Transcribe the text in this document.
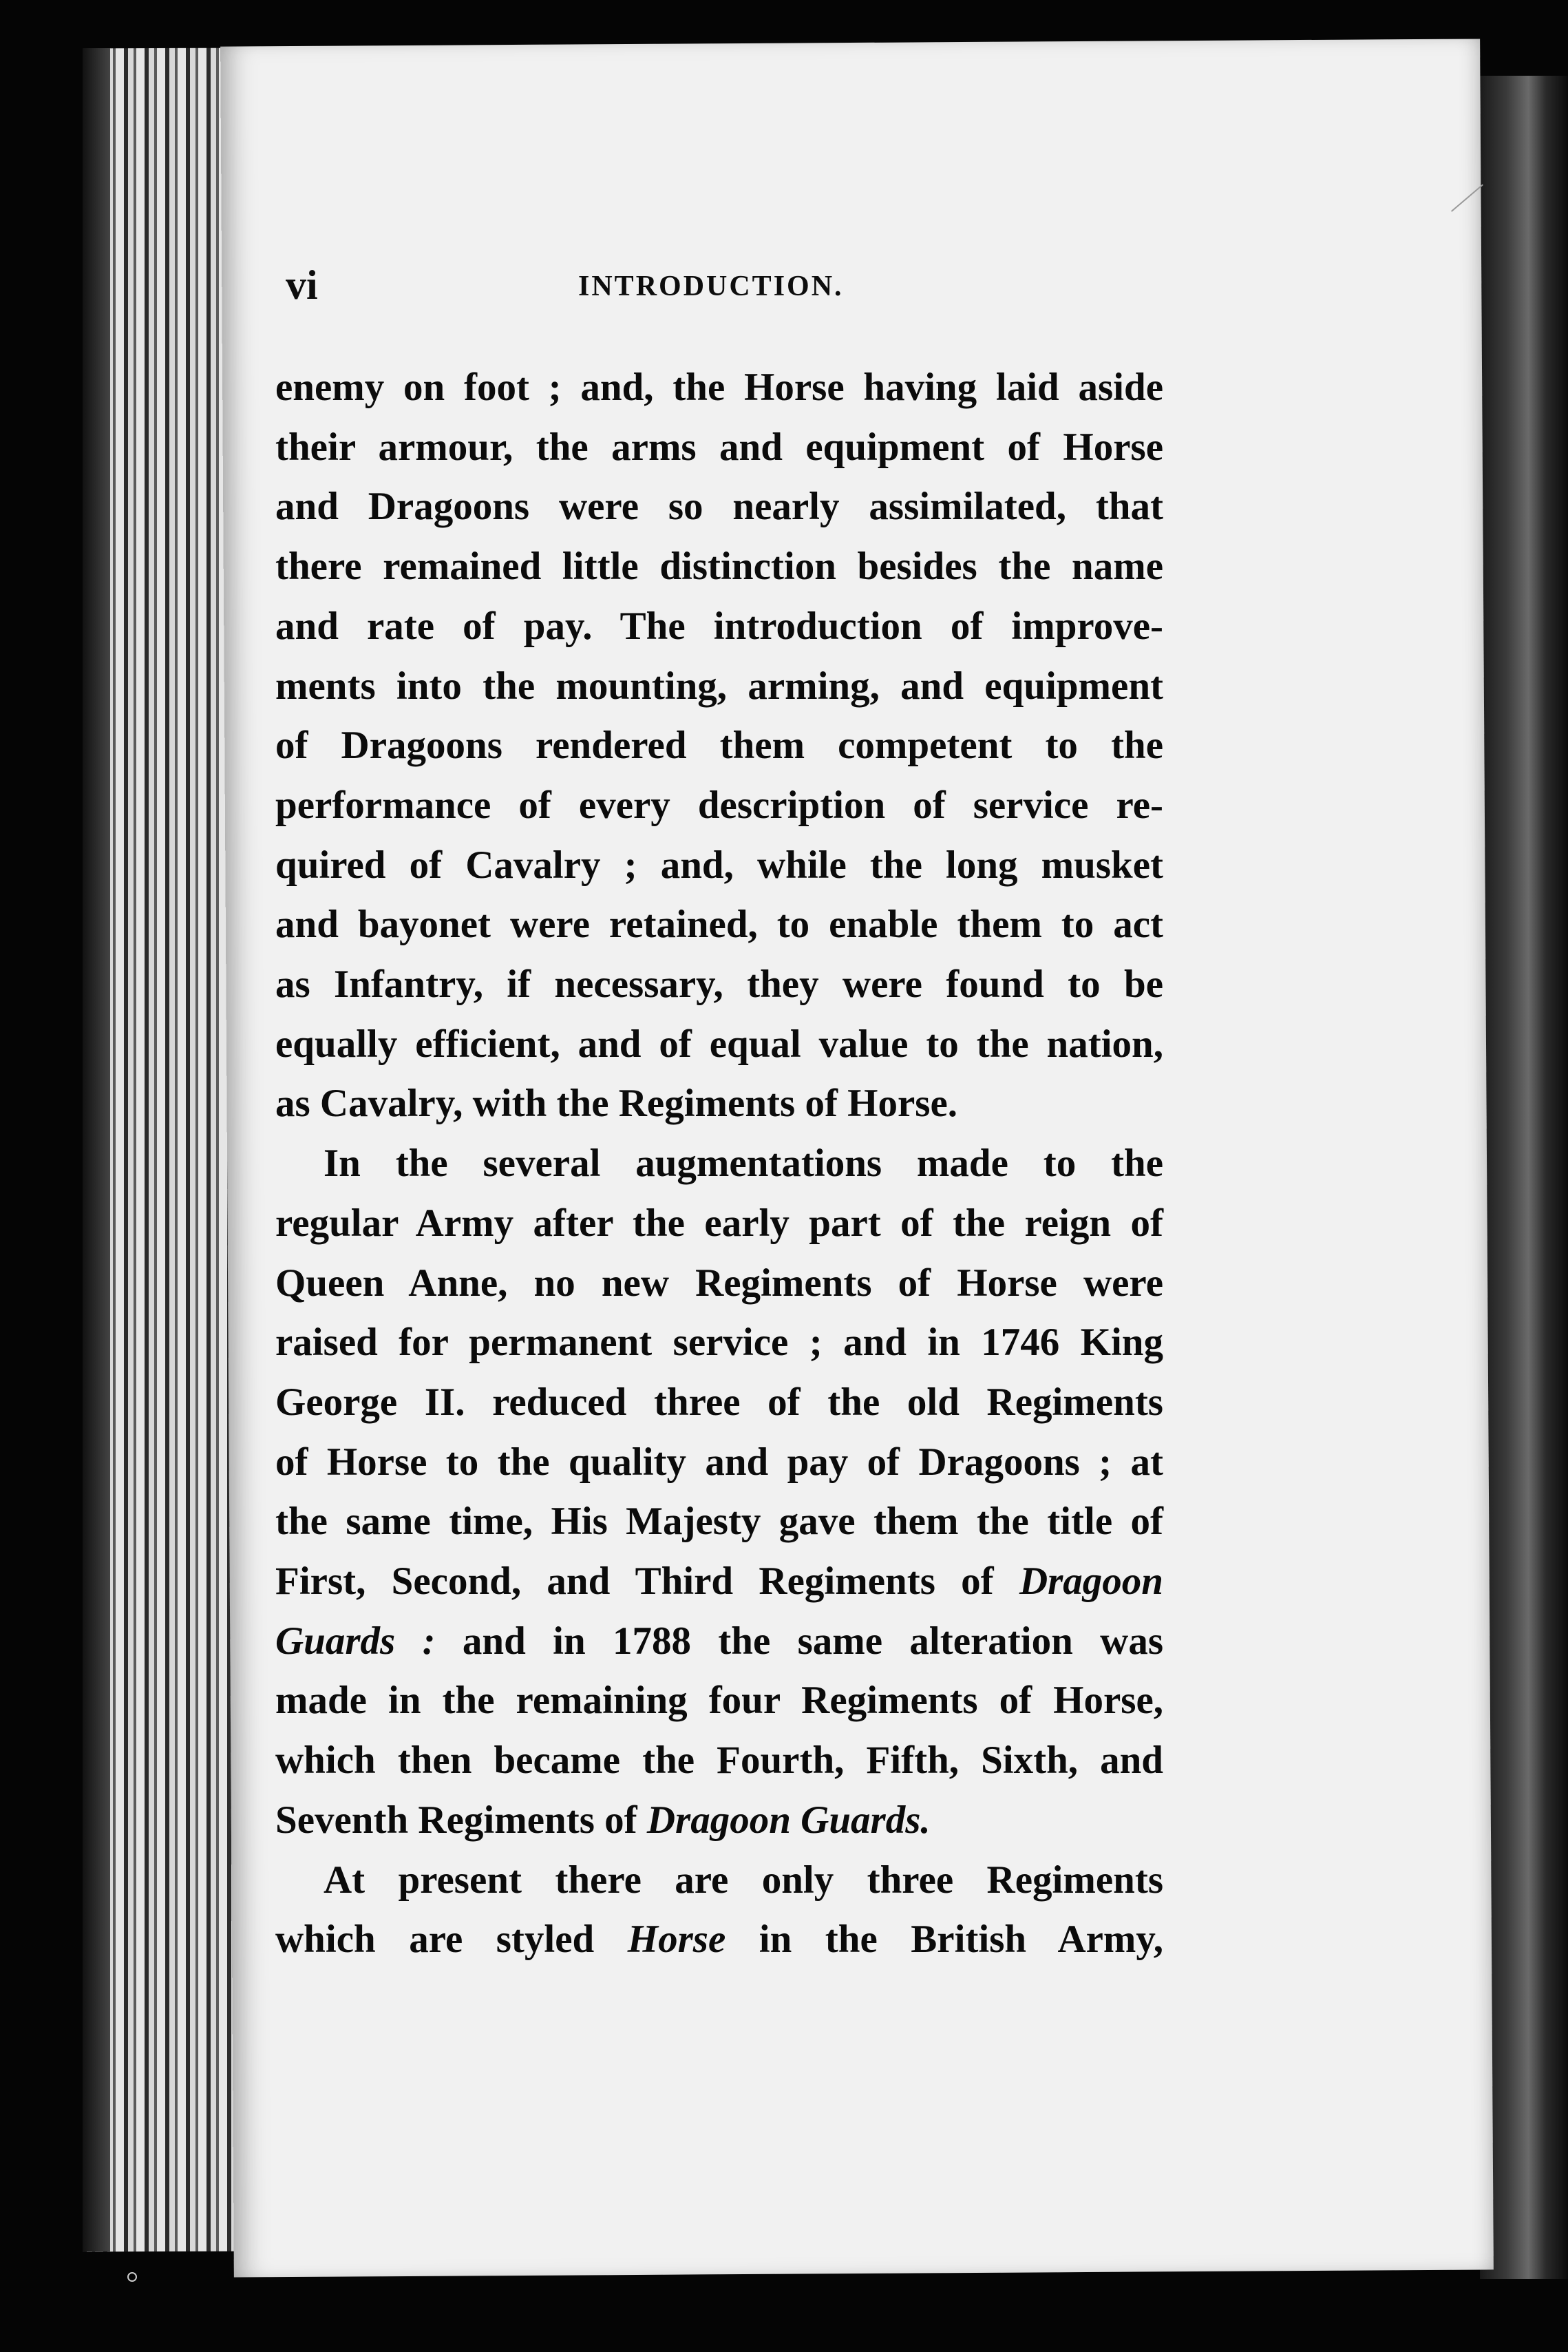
vi	INTRODUCTION.

enemy on foot ; and, the Horse having laid aside
their armour, the arms and equipment of Horse
and Dragoons were so nearly assimilated, that
there remained little distinction besides the name
and rate of pay. The introduction of improve-
ments into the mounting, arming, and equipment
of Dragoons rendered them competent to the
performance of every description of service re-
quired of Cavalry ; and, while the long musket
and bayonet were retained, to enable them to act
as Infantry, if necessary, they were found to be
equally efficient, and of equal value to the nation,
as Cavalry, with the Regiments of Horse.

In the several augmentations made to the
regular Army after the early part of the reign of
Queen Anne, no new Regiments of Horse were
raised for permanent service ; and in 1746 King
George II. reduced three of the old Regiments
of Horse to the quality and pay of Dragoons ; at
the same time, His Majesty gave them the title of
First, Second, and Third Regiments of Dragoon
Guards : and in 1788 the same alteration was
made in the remaining four Regiments of Horse,
which then became the Fourth, Fifth, Sixth, and
Seventh Regiments of Dragoon Guards.

At present there are only three Regiments
which are styled Horse in the British Army,
